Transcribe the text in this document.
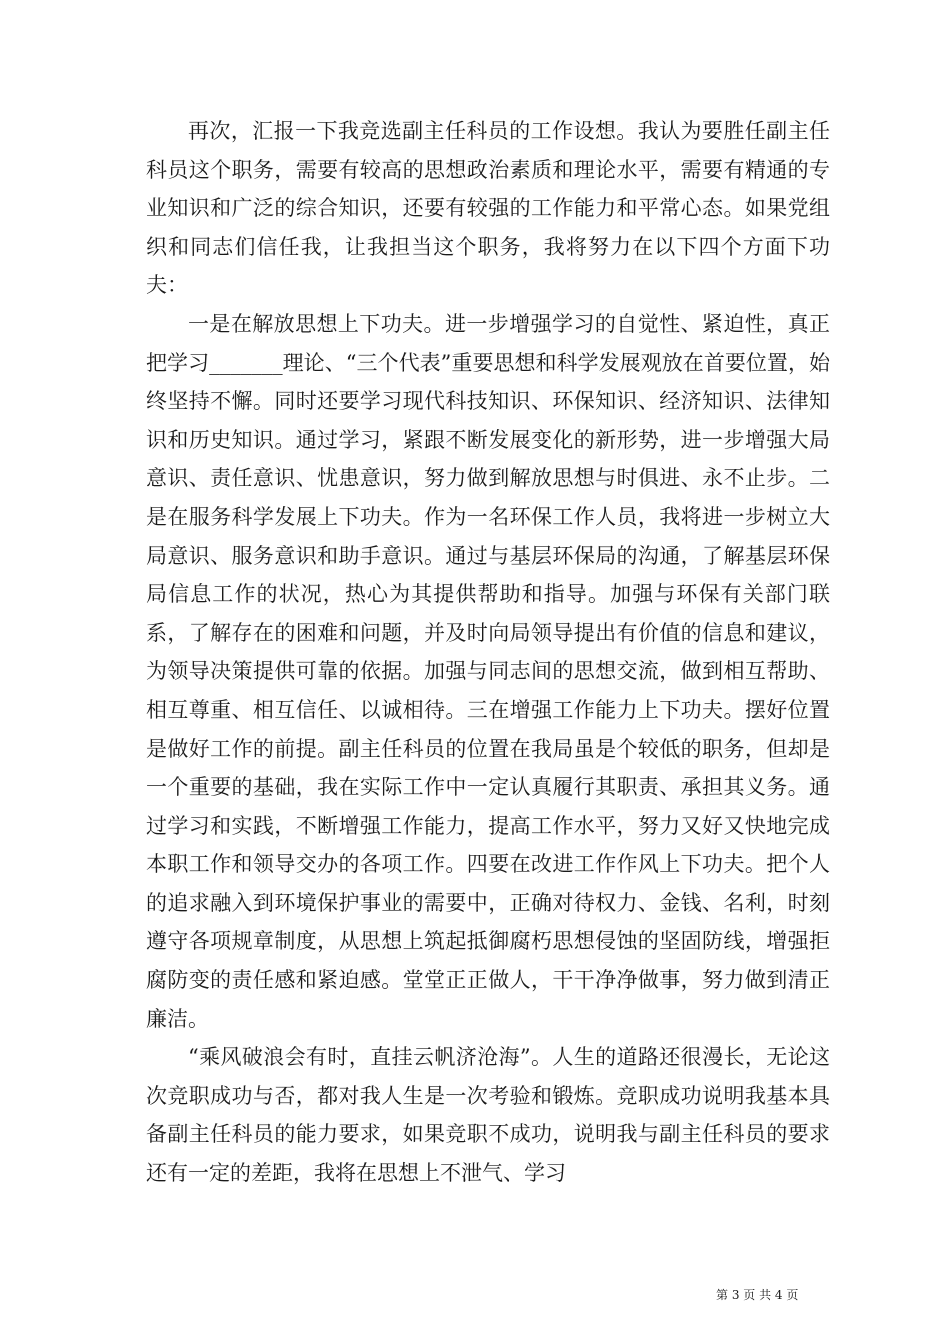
再次，汇报一下我竞选副主任科员的工作设想。我认为要胜任副主任科员这个职务，需要有较高的思想政治素质和理论水平，需要有精通的专业知识和广泛的综合知识，还要有较强的工作能力和平常心态。如果党组织和同志们信任我，让我担当这个职务，我将努力在以下四个方面下功夫：

一是在解放思想上下功夫。进一步增强学习的自觉性、紧迫性，真正把学习_______理论、“三个代表”重要思想和科学发展观放在首要位置，始终坚持不懈。同时还要学习现代科技知识、环保知识、经济知识、法律知识和历史知识。通过学习，紧跟不断发展变化的新形势，进一步增强大局意识、责任意识、忧患意识，努力做到解放思想与时俱进、永不止步。二是在服务科学发展上下功夫。作为一名环保工作人员，我将进一步树立大局意识、服务意识和助手意识。通过与基层环保局的沟通，了解基层环保局信息工作的状况，热心为其提供帮助和指导。加强与环保有关部门联系，了解存在的困难和问题，并及时向局领导提出有价值的信息和建议，为领导决策提供可靠的依据。加强与同志间的思想交流，做到相互帮助、相互尊重、相互信任、以诚相待。三在增强工作能力上下功夫。摆好位置是做好工作的前提。副主任科员的位置在我局虽是个较低的职务，但却是一个重要的基础，我在实际工作中一定认真履行其职责、承担其义务。通过学习和实践，不断增强工作能力，提高工作水平，努力又好又快地完成本职工作和领导交办的各项工作。四要在改进工作作风上下功夫。把个人的追求融入到环境保护事业的需要中，正确对待权力、金钱、名利，时刻遵守各项规章制度，从思想上筑起抵御腐朽思想侵蚀的坚固防线，增强拒腐防变的责任感和紧迫感。堂堂正正做人，干干净净做事，努力做到清正廉洁。

“乘风破浪会有时，直挂云帆济沧海”。人生的道路还很漫长，无论这次竞职成功与否，都对我人生是一次考验和锻炼。竞职成功说明我基本具备副主任科员的能力要求，如果竞职不成功，说明我与副主任科员的要求还有一定的差距，我将在思想上不泄气、学习

第 3 页 共 4 页
